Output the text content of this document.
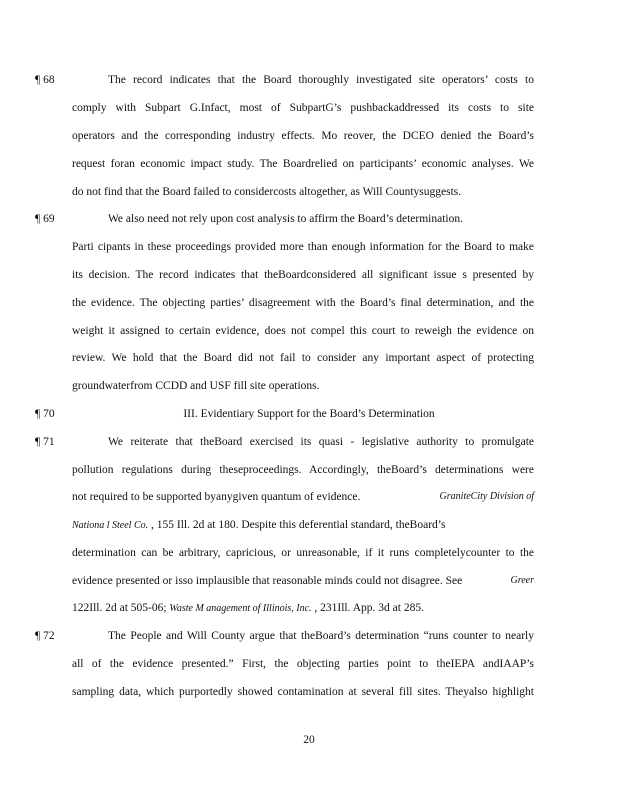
¶ 68	The record indicates that the Board thoroughly investigated site operators’ costs to
comply with Subpart G.Infact, most of SubpartG’s pushbackaddressed its costs to site
operators and the corresponding industry effects. Mo reover, the DCEO denied the Board’s
request foran economic impact study. The Boardrelied on participants’ economic analyses. We
do not find that the Board failed to considercosts altogether, as Will Countysuggests.
¶ 69	We also need not rely upon cost analysis to affirm the Board’s determination.
Parti cipants in these proceedings provided more than enough information for the Board to make
its decision. The record indicates that theBoardconsidered all significant issue s presented by
the evidence. The objecting parties’ disagreement with the Board’s final determination, and the
weight it assigned to certain evidence, does not compel this court to reweigh the evidence on
review. We hold that the Board did not fail to consider any important aspect of protecting
groundwaterfrom CCDD and USF fill site operations.
¶ 70	III. Evidentiary Support for the Board’s Determination
¶ 71	We reiterate that theBoard exercised its quasi - legislative authority to promulgate
pollution regulations during theseproceedings. Accordingly, theBoard’s determinations were
not required to be supported byanygiven quantum of evidence.	GraniteCity Division of
Nationa l Steel Co. , 155 Ill. 2d at 180. Despite this deferential standard, theBoard’s
determination can be arbitrary, capricious, or unreasonable, if it runs completelycounter to the
evidence presented or isso implausible that reasonable minds could not disagree. See	Greer
122Ill. 2d at 505-06; Waste M anagement of Illinois, Inc. , 231Ill. App. 3d at 285.
¶ 72	The People and Will County argue that theBoard’s determination “runs counter to nearly
all of the evidence presented.” First, the objecting parties point to theIEPA andIAAP’s
sampling data, which purportedly showed contamination at several fill sites. Theyalso highlight
20
